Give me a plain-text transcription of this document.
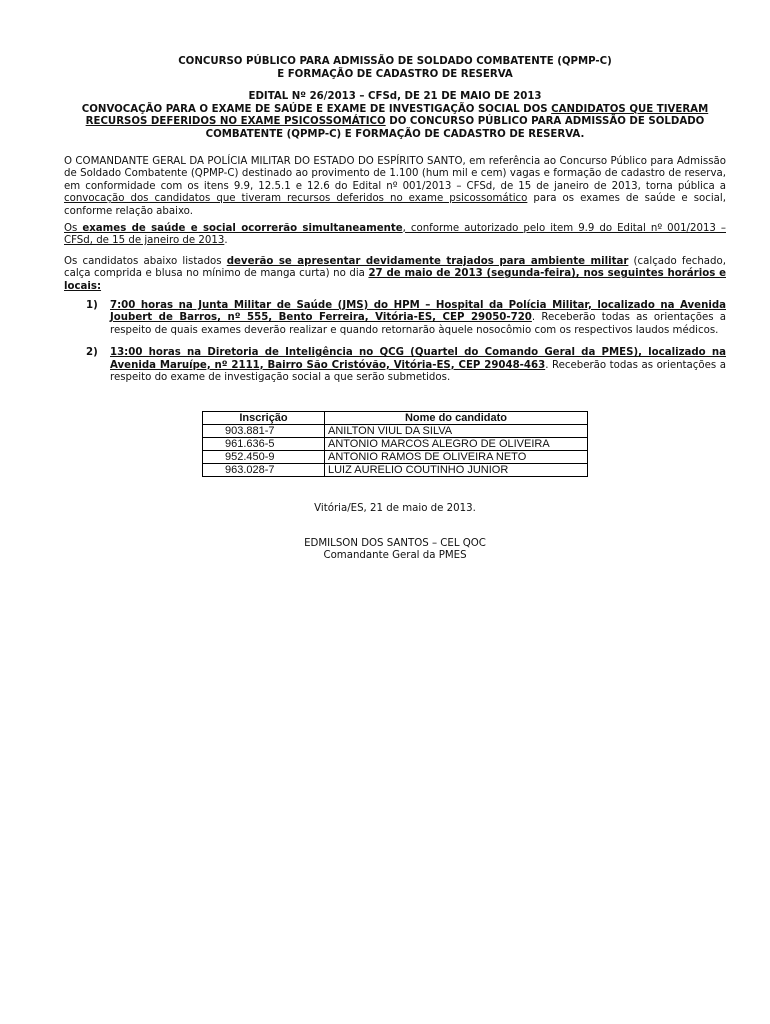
CONCURSO PÚBLICO PARA ADMISSÃO DE SOLDADO COMBATENTE (QPMP-C)
E FORMAÇÃO DE CADASTRO DE RESERVA
EDITAL Nº 26/2013 – CFSd, DE 21 DE MAIO DE 2013
CONVOCAÇÃO PARA O EXAME DE SAÚDE E EXAME DE INVESTIGAÇÃO SOCIAL DOS CANDIDATOS QUE TIVERAM RECURSOS DEFERIDOS NO EXAME PSICOSSOMÁTICO DO CONCURSO PÚBLICO PARA ADMISSÃO DE SOLDADO COMBATENTE (QPMP-C) E FORMAÇÃO DE CADASTRO DE RESERVA.

O COMANDANTE GERAL DA POLÍCIA MILITAR DO ESTADO DO ESPÍRITO SANTO, em referência ao Concurso Público para Admissão de Soldado Combatente (QPMP-C) destinado ao provimento de 1.100 (hum mil e cem) vagas e formação de cadastro de reserva, em conformidade com os itens 9.9, 12.5.1 e 12.6 do Edital nº 001/2013 – CFSd, de 15 de janeiro de 2013, torna pública a convocação dos candidatos que tiveram recursos deferidos no exame psicossomático para os exames de saúde e social, conforme relação abaixo.

Os exames de saúde e social ocorrerão simultaneamente, conforme autorizado pelo item 9.9 do Edital nº 001/2013 – CFSd, de 15 de janeiro de 2013.

Os candidatos abaixo listados deverão se apresentar devidamente trajados para ambiente militar (calçado fechado, calça comprida e blusa no mínimo de manga curta) no dia 27 de maio de 2013 (segunda-feira), nos seguintes horários e locais:

1) 7:00 horas na Junta Militar de Saúde (JMS) do HPM – Hospital da Polícia Militar, localizado na Avenida Joubert de Barros, nº 555, Bento Ferreira, Vitória-ES, CEP 29050-720. Receberão todas as orientações a respeito de quais exames deverão realizar e quando retornarão àquele nosocômio com os respectivos laudos médicos.
2) 13:00 horas na Diretoria de Inteligência no QCG (Quartel do Comando Geral da PMES), localizado na Avenida Maruípe, nº 2111, Bairro São Cristóvão, Vitória-ES, CEP 29048-463. Receberão todas as orientações a respeito do exame de investigação social a que serão submetidos.
Inscrição	Nome do candidato
903.881-7	ANILTON VIUL DA SILVA
961.636-5	ANTONIO MARCOS ALEGRO DE OLIVEIRA
952.450-9	ANTONIO RAMOS DE OLIVEIRA NETO
963.028-7	LUIZ AURELIO COUTINHO JUNIOR
Vitória/ES, 21 de maio de 2013.
EDMILSON DOS SANTOS – CEL QOC
Comandante Geral da PMES
